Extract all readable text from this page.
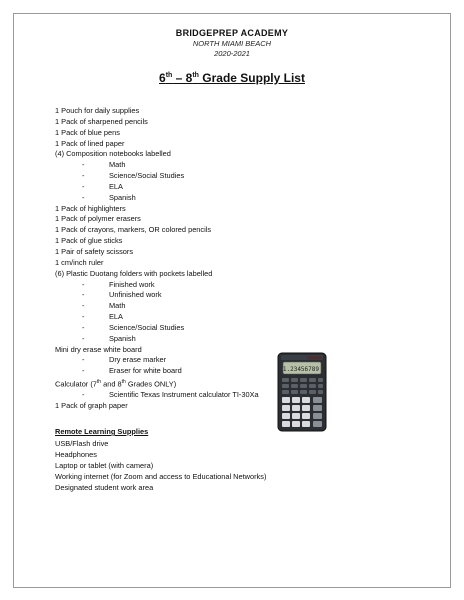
BRIDGEPREP ACADEMY
NORTH MIAMI BEACH
2020-2021
6th – 8th Grade Supply List
1 Pouch for daily supplies
1 Pack of sharpened pencils
1 Pack of blue pens
1 Pack of lined paper
(4) Composition notebooks labelled
-	Math
-	Science/Social Studies
-	ELA
-	Spanish
1 Pack of highlighters
1 Pack of polymer erasers
1 Pack of crayons, markers, OR colored pencils
1 Pack of glue sticks
1 Pair of safety scissors
1 cm/inch ruler
(6) Plastic Duotang folders with pockets labelled
-	Finished work
-	Unfinished work
-	Math
-	ELA
-	Science/Social Studies
-	Spanish
Mini dry erase white board
-	Dry erase marker
-	Eraser for white board
Calculator (7th and 8th Grades ONLY)
-	Scientific Texas Instrument calculator TI-30Xa
1 Pack of graph paper
Remote Learning Supplies
USB/Flash drive
Headphones
Laptop or tablet (with camera)
Working internet (for Zoom and access to Educational Networks)
Designated student work area
1.23456789
